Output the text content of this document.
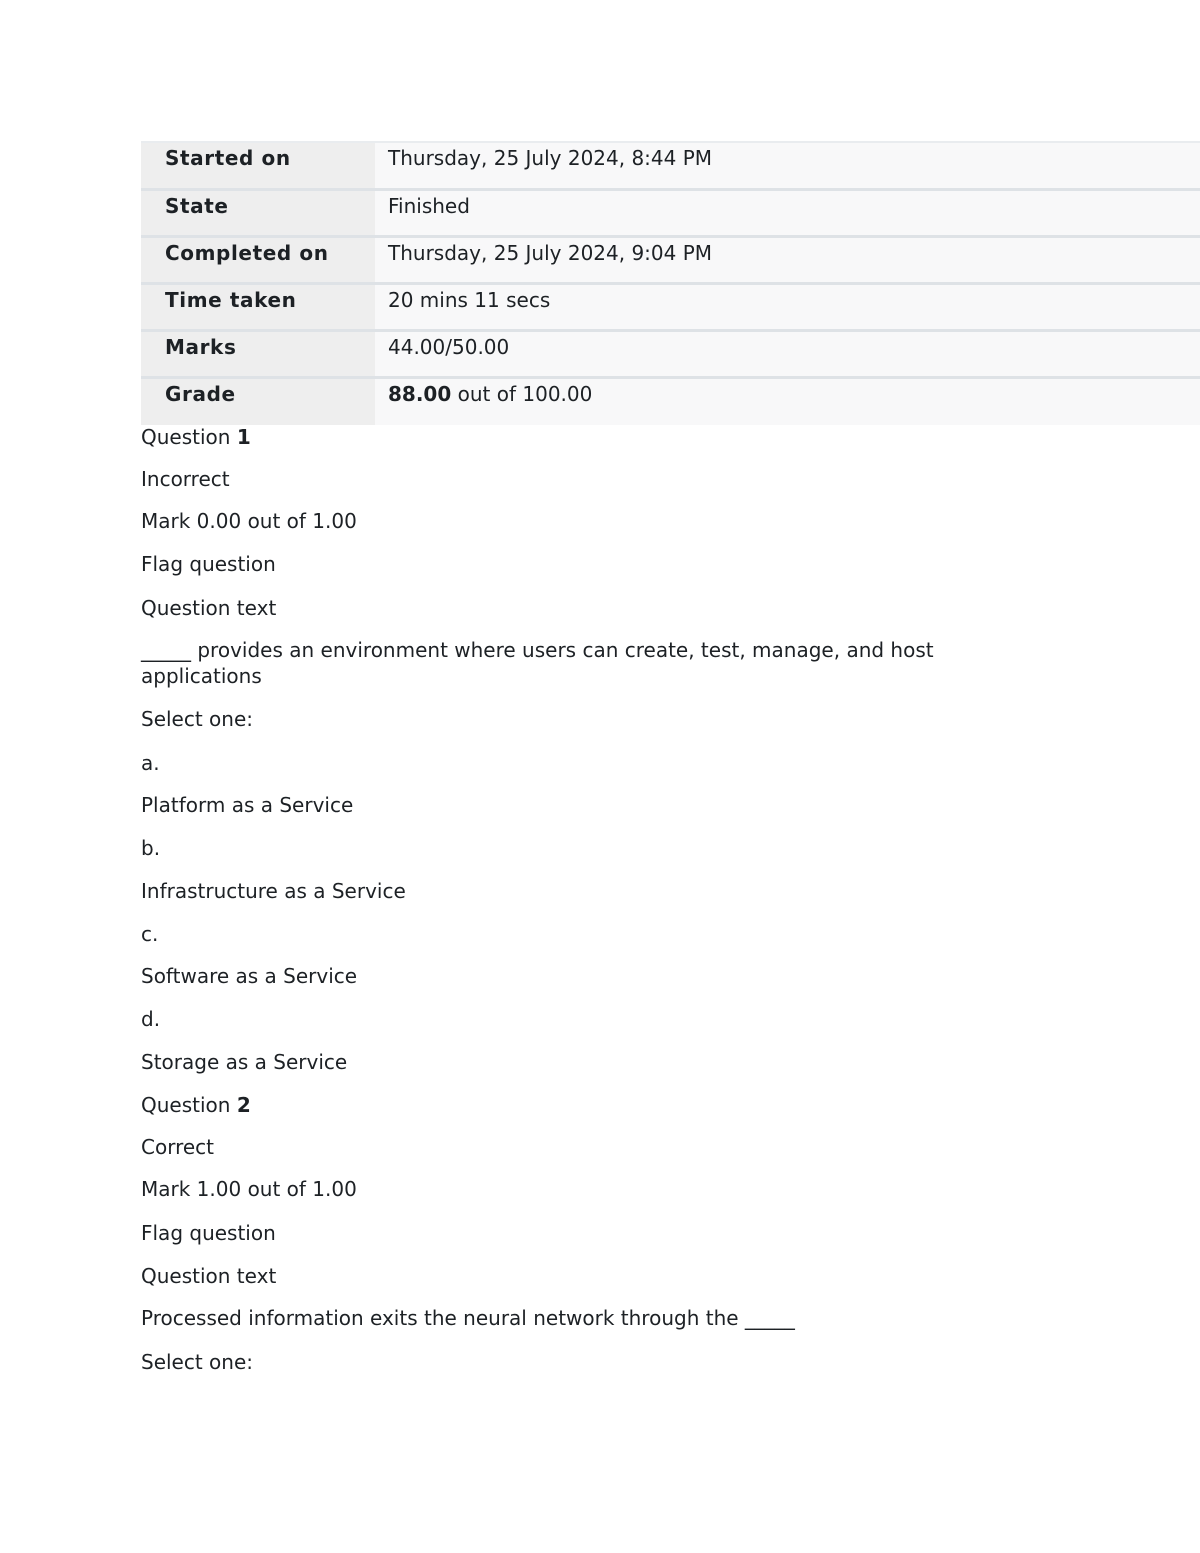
Started on	Thursday, 25 July 2024, 8:44 PM
State	Finished
Completed on	Thursday, 25 July 2024, 9:04 PM
Time taken	20 mins 11 secs
Marks	44.00/50.00
Grade	88.00 out of 100.00

Question 1

Incorrect

Mark 0.00 out of 1.00

Flag question

Question text

_____ provides an environment where users can create, test, manage, and host applications

Select one:

a.

Platform as a Service

b.

Infrastructure as a Service

c.

Software as a Service

d.

Storage as a Service

Question 2

Correct

Mark 1.00 out of 1.00

Flag question

Question text

Processed information exits the neural network through the _____

Select one:
